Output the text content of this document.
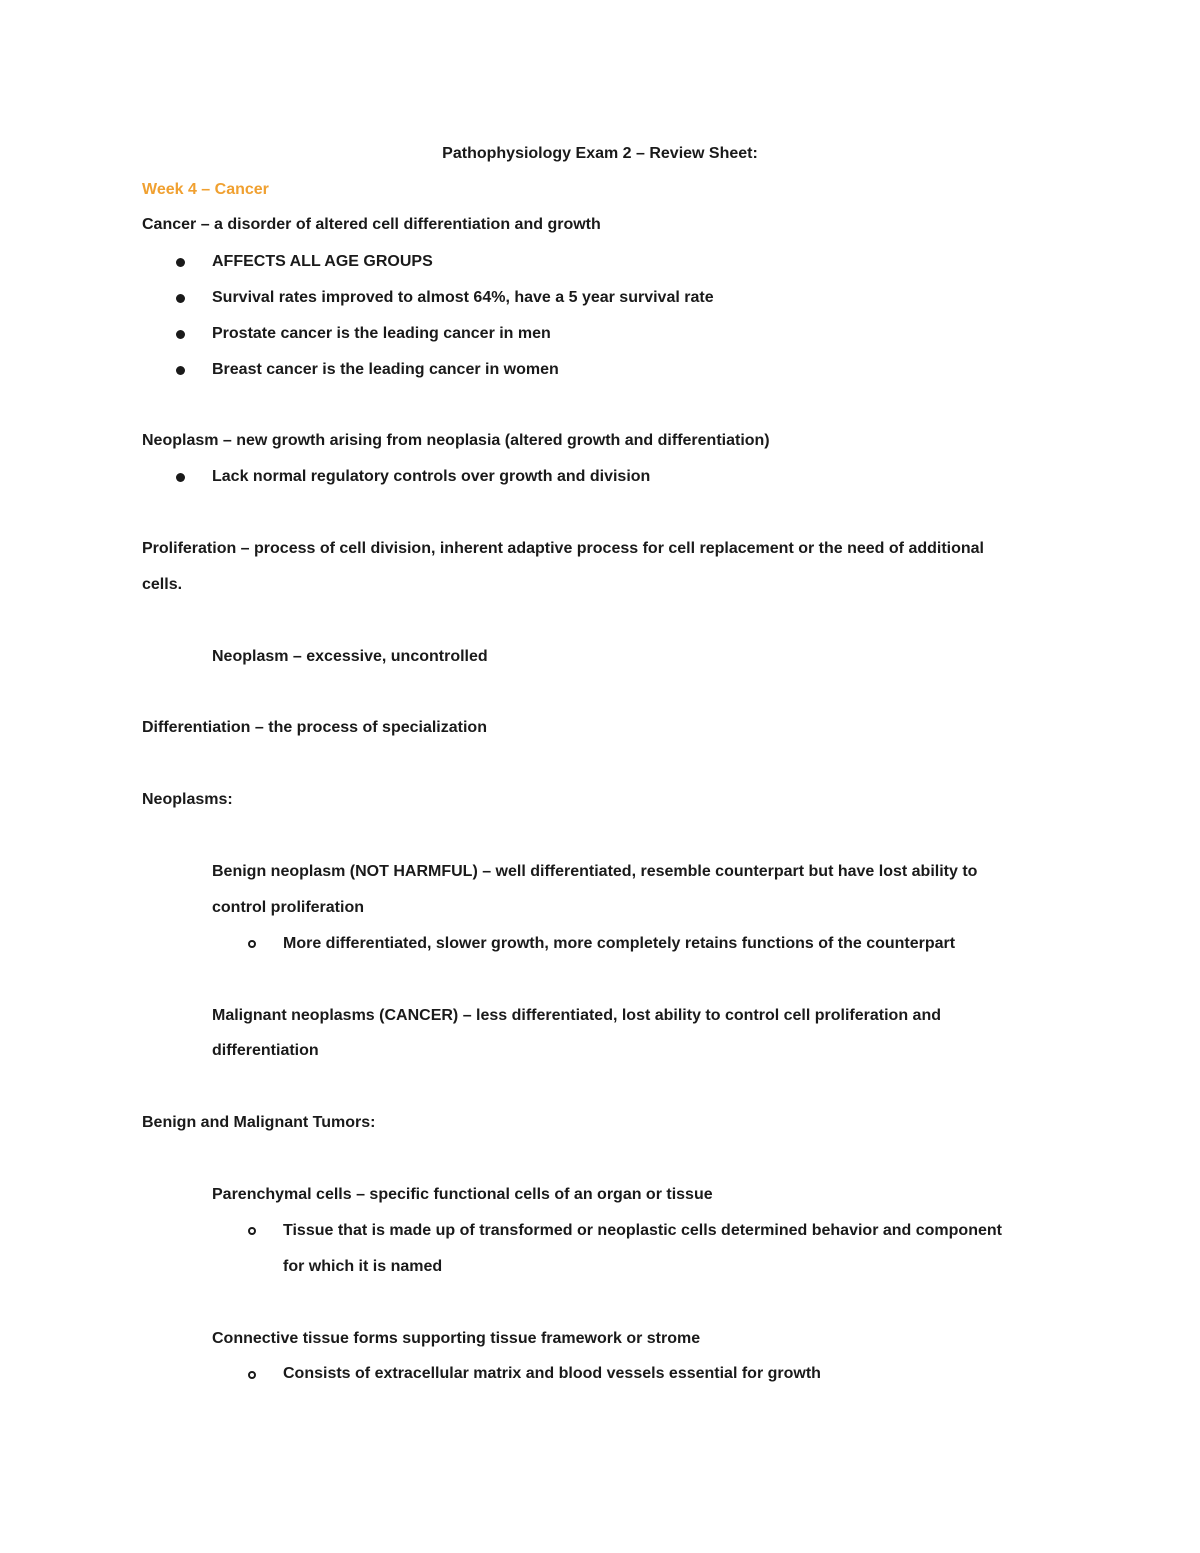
Pathophysiology Exam 2 – Review Sheet:
Week 4 – Cancer
Cancer – a disorder of altered cell differentiation and growth
AFFECTS ALL AGE GROUPS
Survival rates improved to almost 64%, have a 5 year survival rate
Prostate cancer is the leading cancer in men
Breast cancer is the leading cancer in women
Neoplasm – new growth arising from neoplasia (altered growth and differentiation)
Lack normal regulatory controls over growth and division
Proliferation – process of cell division, inherent adaptive process for cell replacement or the need of additional
cells.
Neoplasm – excessive, uncontrolled
Differentiation – the process of specialization
Neoplasms:
Benign neoplasm (NOT HARMFUL) – well differentiated, resemble counterpart but have lost ability to
control proliferation
More differentiated, slower growth, more completely retains functions of the counterpart
Malignant neoplasms (CANCER) – less differentiated, lost ability to control cell proliferation and
differentiation
Benign and Malignant Tumors:
Parenchymal cells – specific functional cells of an organ or tissue
Tissue that is made up of transformed or neoplastic cells determined behavior and component
for which it is named
Connective tissue forms supporting tissue framework or strome
Consists of extracellular matrix and blood vessels essential for growth
